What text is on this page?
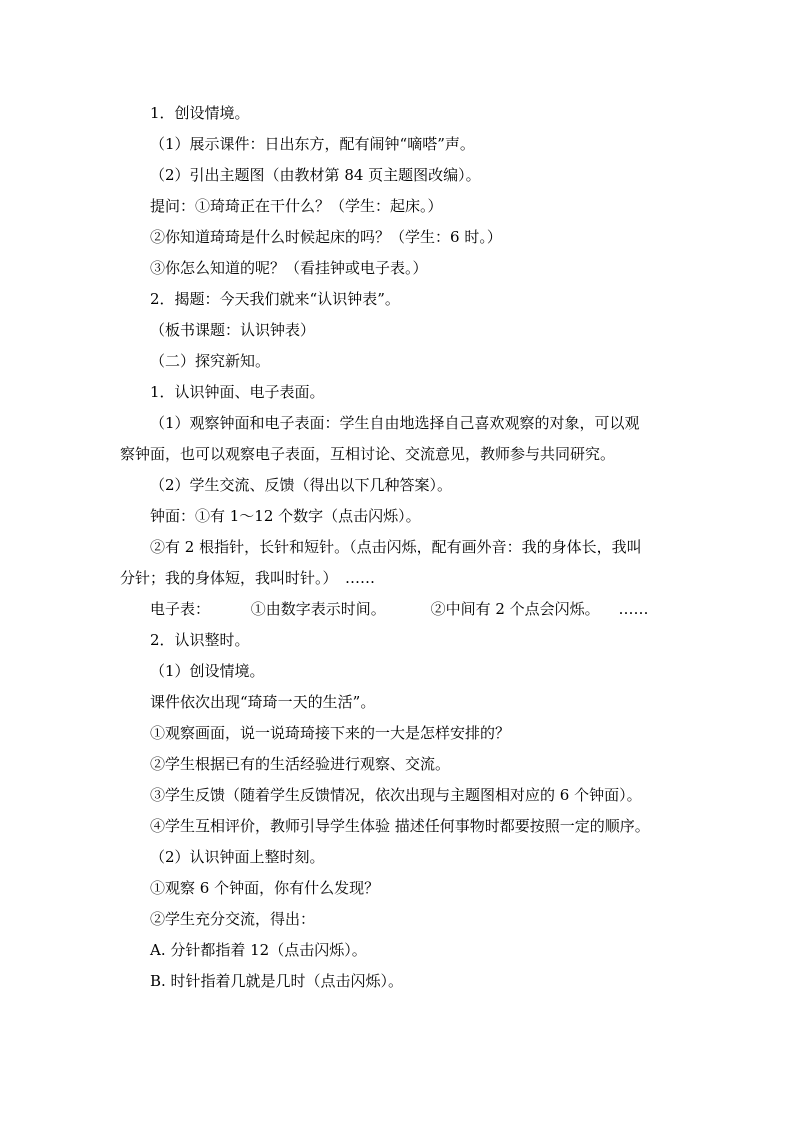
1．创设情境。
（1）展示课件：日出东方，配有闹钟“嘀嗒”声。
（2）引出主题图（由教材第 84 页主题图改编）。
提问：①琦琦正在干什么？（学生：起床。）
②你知道琦琦是什么时候起床的吗？（学生：6 时。）
③你怎么知道的呢？（看挂钟或电子表。）
2．揭题：今天我们就来“认识钟表”。
（板书课题：认识钟表）
（二）探究新知。
1．认识钟面、电子表面。
（1）观察钟面和电子表面：学生自由地选择自己喜欢观察的对象，可以观
察钟面，也可以观察电子表面，互相讨论、交流意见，教师参与共同研究。
（2）学生交流、反馈（得出以下几种答案）。
钟面：①有 1～12 个数字（点击闪烁）。
②有 2 根指针，长针和短针。（点击闪烁，配有画外音：我的身体长，我叫
分针；我的身体短，我叫时针。）　……
电子表：	①由数字表示时间。	②中间有 2 个点会闪烁。 ……
2．认识整时。
（1）创设情境。
课件依次出现“琦琦一天的生活”。
①观察画面，说一说琦琦接下来的一大是怎样安排的？
②学生根据已有的生活经验进行观察、交流。
③学生反馈（随着学生反馈情况，依次出现与主题图相对应的 6 个钟面）。
④学生互相评价，教师引导学生体验 描述任何事物时都要按照一定的顺序。
（2）认识钟面上整时刻。
①观察 6 个钟面，你有什么发现？
②学生充分交流，得出：
A. 分针都指着 12（点击闪烁）。
B. 时针指着几就是几时（点击闪烁）。
